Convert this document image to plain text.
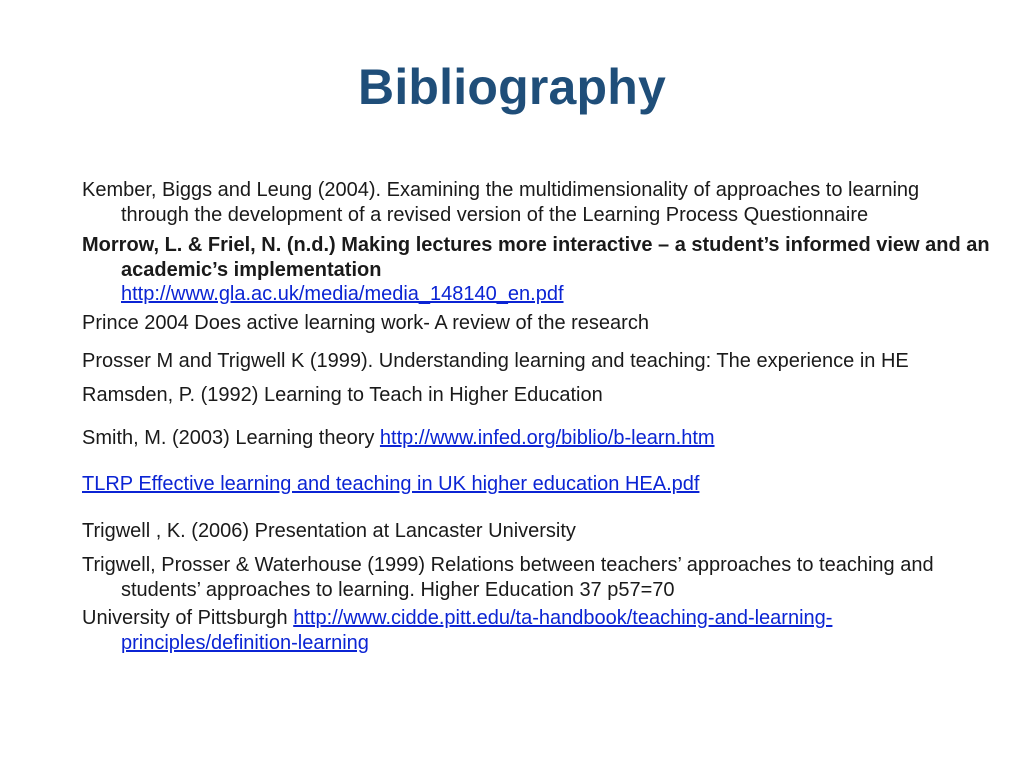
Bibliography

Kember, Biggs and Leung (2004). Examining the multidimensionality of approaches to learning through the development of a revised version of the Learning Process Questionnaire

Morrow, L. & Friel, N. (n.d.) Making lectures more interactive – a student’s informed view and an academic’s implementation
http://www.gla.ac.uk/media/media_148140_en.pdf

Prince 2004 Does active learning work- A review of the research

Prosser M and Trigwell K (1999). Understanding learning and teaching: The experience in HE

Ramsden, P. (1992) Learning to Teach in Higher Education

Smith, M. (2003) Learning theory http://www.infed.org/biblio/b-learn.htm

TLRP Effective learning and teaching in UK higher education HEA.pdf

Trigwell , K. (2006) Presentation at Lancaster University

Trigwell, Prosser & Waterhouse (1999) Relations between teachers’ approaches to teaching and students’ approaches to learning. Higher Education 37 p57=70

University of Pittsburgh http://www.cidde.pitt.edu/ta-handbook/teaching-and-learning-principles/definition-learning
